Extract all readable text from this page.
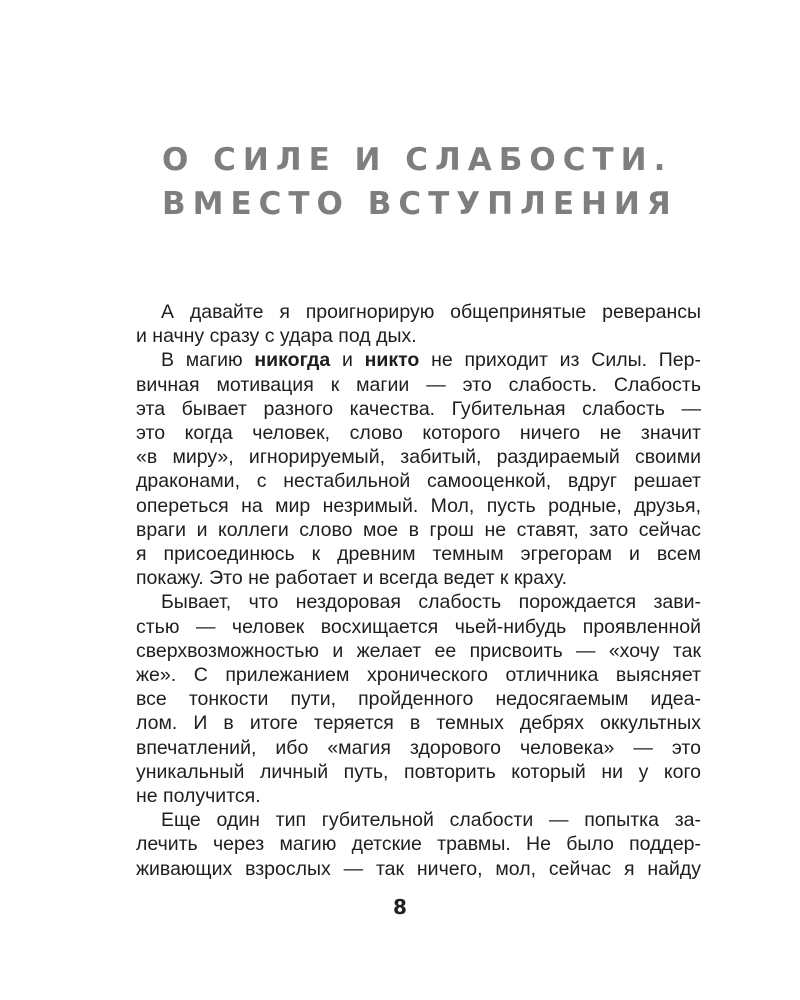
О СИЛЕ И СЛАБОСТИ.
ВМЕСТО ВСТУПЛЕНИЯ

А давайте я проигнорирую общепринятые реверансы
и начну сразу с удара под дых.

В магию никогда и никто не приходит из Силы. Пер-
вичная мотивация к магии — это слабость. Слабость
эта бывает разного качества. Губительная слабость —
это когда человек, слово которого ничего не значит
«в миру», игнорируемый, забитый, раздираемый своими
драконами, с нестабильной самооценкой, вдруг решает
опереться на мир незримый. Мол, пусть родные, друзья,
враги и коллеги слово мое в грош не ставят, зато сейчас
я присоединюсь к древним темным эгрегорам и всем
покажу. Это не работает и всегда ведет к краху.

Бывает, что нездоровая слабость порождается зави-
стью — человек восхищается чьей-нибудь проявленной
сверхвозможностью и желает ее присвоить — «хочу так
же». С прилежанием хронического отличника выясняет
все тонкости пути, пройденного недосягаемым идеа-
лом. И в итоге теряется в темных дебрях оккультных
впечатлений, ибо «магия здорового человека» — это
уникальный личный путь, повторить который ни у кого
не получится.

Еще один тип губительной слабости — попытка за-
лечить через магию детские травмы. Не было поддер-
живающих взрослых — так ничего, мол, сейчас я найду

8
